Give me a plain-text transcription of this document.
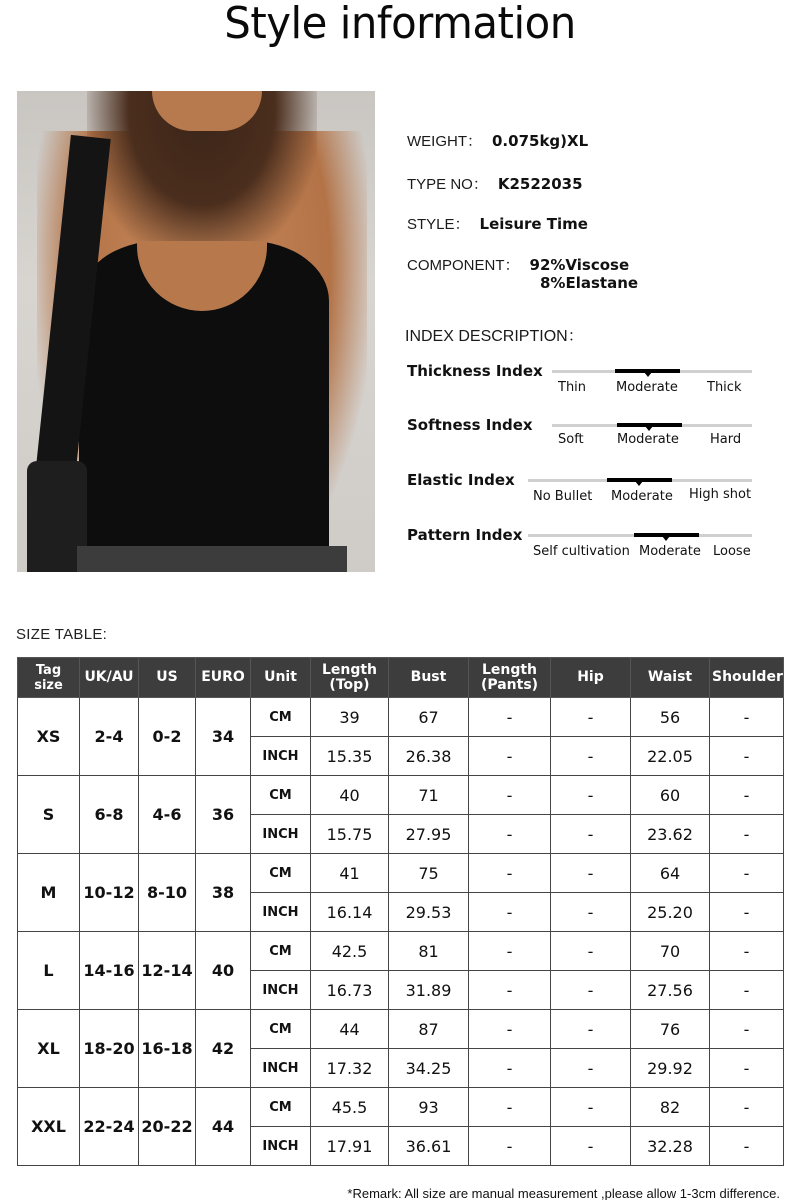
Style information
WEIGHT： 0.075kg)XL
TYPE NO： K2522035
STYLE： Leisure Time
COMPONENT： 92%Viscose
8%Elastane
INDEX DESCRIPTION：
Thickness Index
Thin Moderate Thick
Softness Index
Soft	Moderate Hard
Elastic Index
No Bullet Moderate High shot
Pattern Index
Self cultivation Moderate Loose
SIZE TABLE:
Tag size	UK/AU	US	EURO	Unit	Length (Top)	Bust	Length (Pants)	Hip	Waist	Shoulder
XS	2-4	0-2	34	CM	39	67	-	-	56	-
				INCH	15.35	26.38	-	-	22.05	-
S	6-8	4-6	36	CM	40	71	-	-	60	-
				INCH	15.75	27.95	-	-	23.62	-
M	10-12	8-10	38	CM	41	75	-	-	64	-
				INCH	16.14	29.53	-	-	25.20	-
L	14-16	12-14	40	CM	42.5	81	-	-	70	-
				INCH	16.73	31.89	-	-	27.56	-
XL	18-20	16-18	42	CM	44	87	-	-	76	-
				INCH	17.32	34.25	-	-	29.92	-
XXL	22-24	20-22	44	CM	45.5	93	-	-	82	-
				INCH	17.91	36.61	-	-	32.28	-
*Remark: All size are manual measurement ,please allow 1-3cm difference.
